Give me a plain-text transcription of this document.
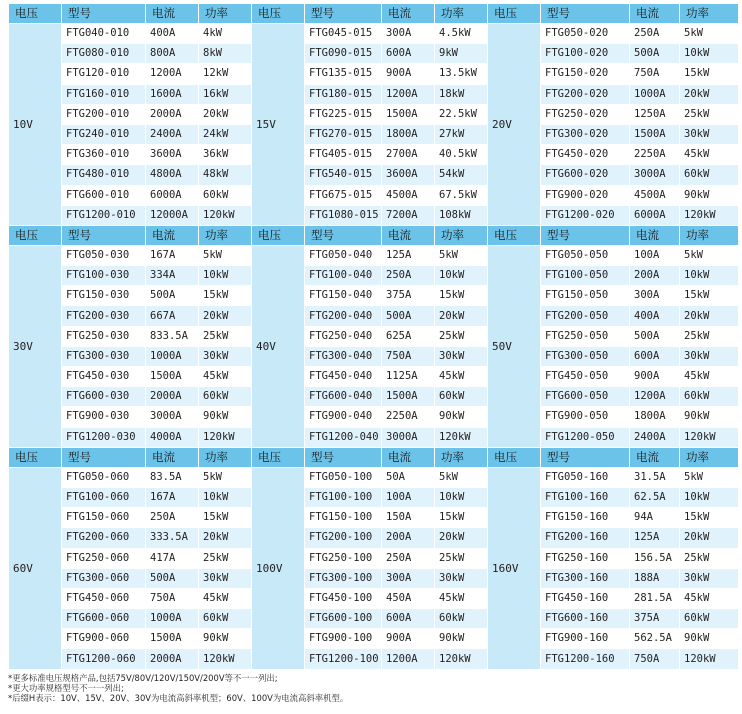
电压	型号	电流	功率	电压	型号	电流	功率	电压	型号	电流	功率
10V	FTG040-010	400A	4kW	15V	FTG045-015	300A	4.5kW	20V	FTG050-020	250A	5kW
	FTG080-010	800A	8kW		FTG090-015	600A	9kW		FTG100-020	500A	10kW
	FTG120-010	1200A	12kW		FTG135-015	900A	13.5kW		FTG150-020	750A	15kW
	FTG160-010	1600A	16kW		FTG180-015	1200A	18kW		FTG200-020	1000A	20kW
	FTG200-010	2000A	20kW		FTG225-015	1500A	22.5kW		FTG250-020	1250A	25kW
	FTG240-010	2400A	24kW		FTG270-015	1800A	27kW		FTG300-020	1500A	30kW
	FTG360-010	3600A	36kW		FTG405-015	2700A	40.5kW		FTG450-020	2250A	45kW
	FTG480-010	4800A	48kW		FTG540-015	3600A	54kW		FTG600-020	3000A	60kW
	FTG600-010	6000A	60kW		FTG675-015	4500A	67.5kW		FTG900-020	4500A	90kW
	FTG1200-010	12000A	120kW		FTG1080-015	7200A	108kW		FTG1200-020	6000A	120kW
电压	型号	电流	功率	电压	型号	电流	功率	电压	型号	电流	功率
30V	FTG050-030	167A	5kW	40V	FTG050-040	125A	5kW	50V	FTG050-050	100A	5kW
	FTG100-030	334A	10kW		FTG100-040	250A	10kW		FTG100-050	200A	10kW
	FTG150-030	500A	15kW		FTG150-040	375A	15kW		FTG150-050	300A	15kW
	FTG200-030	667A	20kW		FTG200-040	500A	20kW		FTG200-050	400A	20kW
	FTG250-030	833.5A	25kW		FTG250-040	625A	25kW		FTG250-050	500A	25kW
	FTG300-030	1000A	30kW		FTG300-040	750A	30kW		FTG300-050	600A	30kW
	FTG450-030	1500A	45kW		FTG450-040	1125A	45kW		FTG450-050	900A	45kW
	FTG600-030	2000A	60kW		FTG600-040	1500A	60kW		FTG600-050	1200A	60kW
	FTG900-030	3000A	90kW		FTG900-040	2250A	90kW		FTG900-050	1800A	90kW
	FTG1200-030	4000A	120kW		FTG1200-040	3000A	120kW		FTG1200-050	2400A	120kW
电压	型号	电流	功率	电压	型号	电流	功率	电压	型号	电流	功率
60V	FTG050-060	83.5A	5kW	100V	FTG050-100	50A	5kW	160V	FTG050-160	31.5A	5kW
	FTG100-060	167A	10kW		FTG100-100	100A	10kW		FTG100-160	62.5A	10kW
	FTG150-060	250A	15kW		FTG150-100	150A	15kW		FTG150-160	94A	15kW
	FTG200-060	333.5A	20kW		FTG200-100	200A	20kW		FTG200-160	125A	20kW
	FTG250-060	417A	25kW		FTG250-100	250A	25kW		FTG250-160	156.5A	25kW
	FTG300-060	500A	30kW		FTG300-100	300A	30kW		FTG300-160	188A	30kW
	FTG450-060	750A	45kW		FTG450-100	450A	45kW		FTG450-160	281.5A	45kW
	FTG600-060	1000A	60kW		FTG600-100	600A	60kW		FTG600-160	375A	60kW
	FTG900-060	1500A	90kW		FTG900-100	900A	90kW		FTG900-160	562.5A	90kW
	FTG1200-060	2000A	120kW		FTG1200-100	1200A	120kW		FTG1200-160	750A	120kW
*更多标准电压规格产品,包括75V/80V/120V/150V/200V等不一一列出;
*更大功率规格型号不一一列出;
*后缀H表示：10V、15V、20V、30V为电流高斜率机型；60V、100V为电流高斜率机型。
